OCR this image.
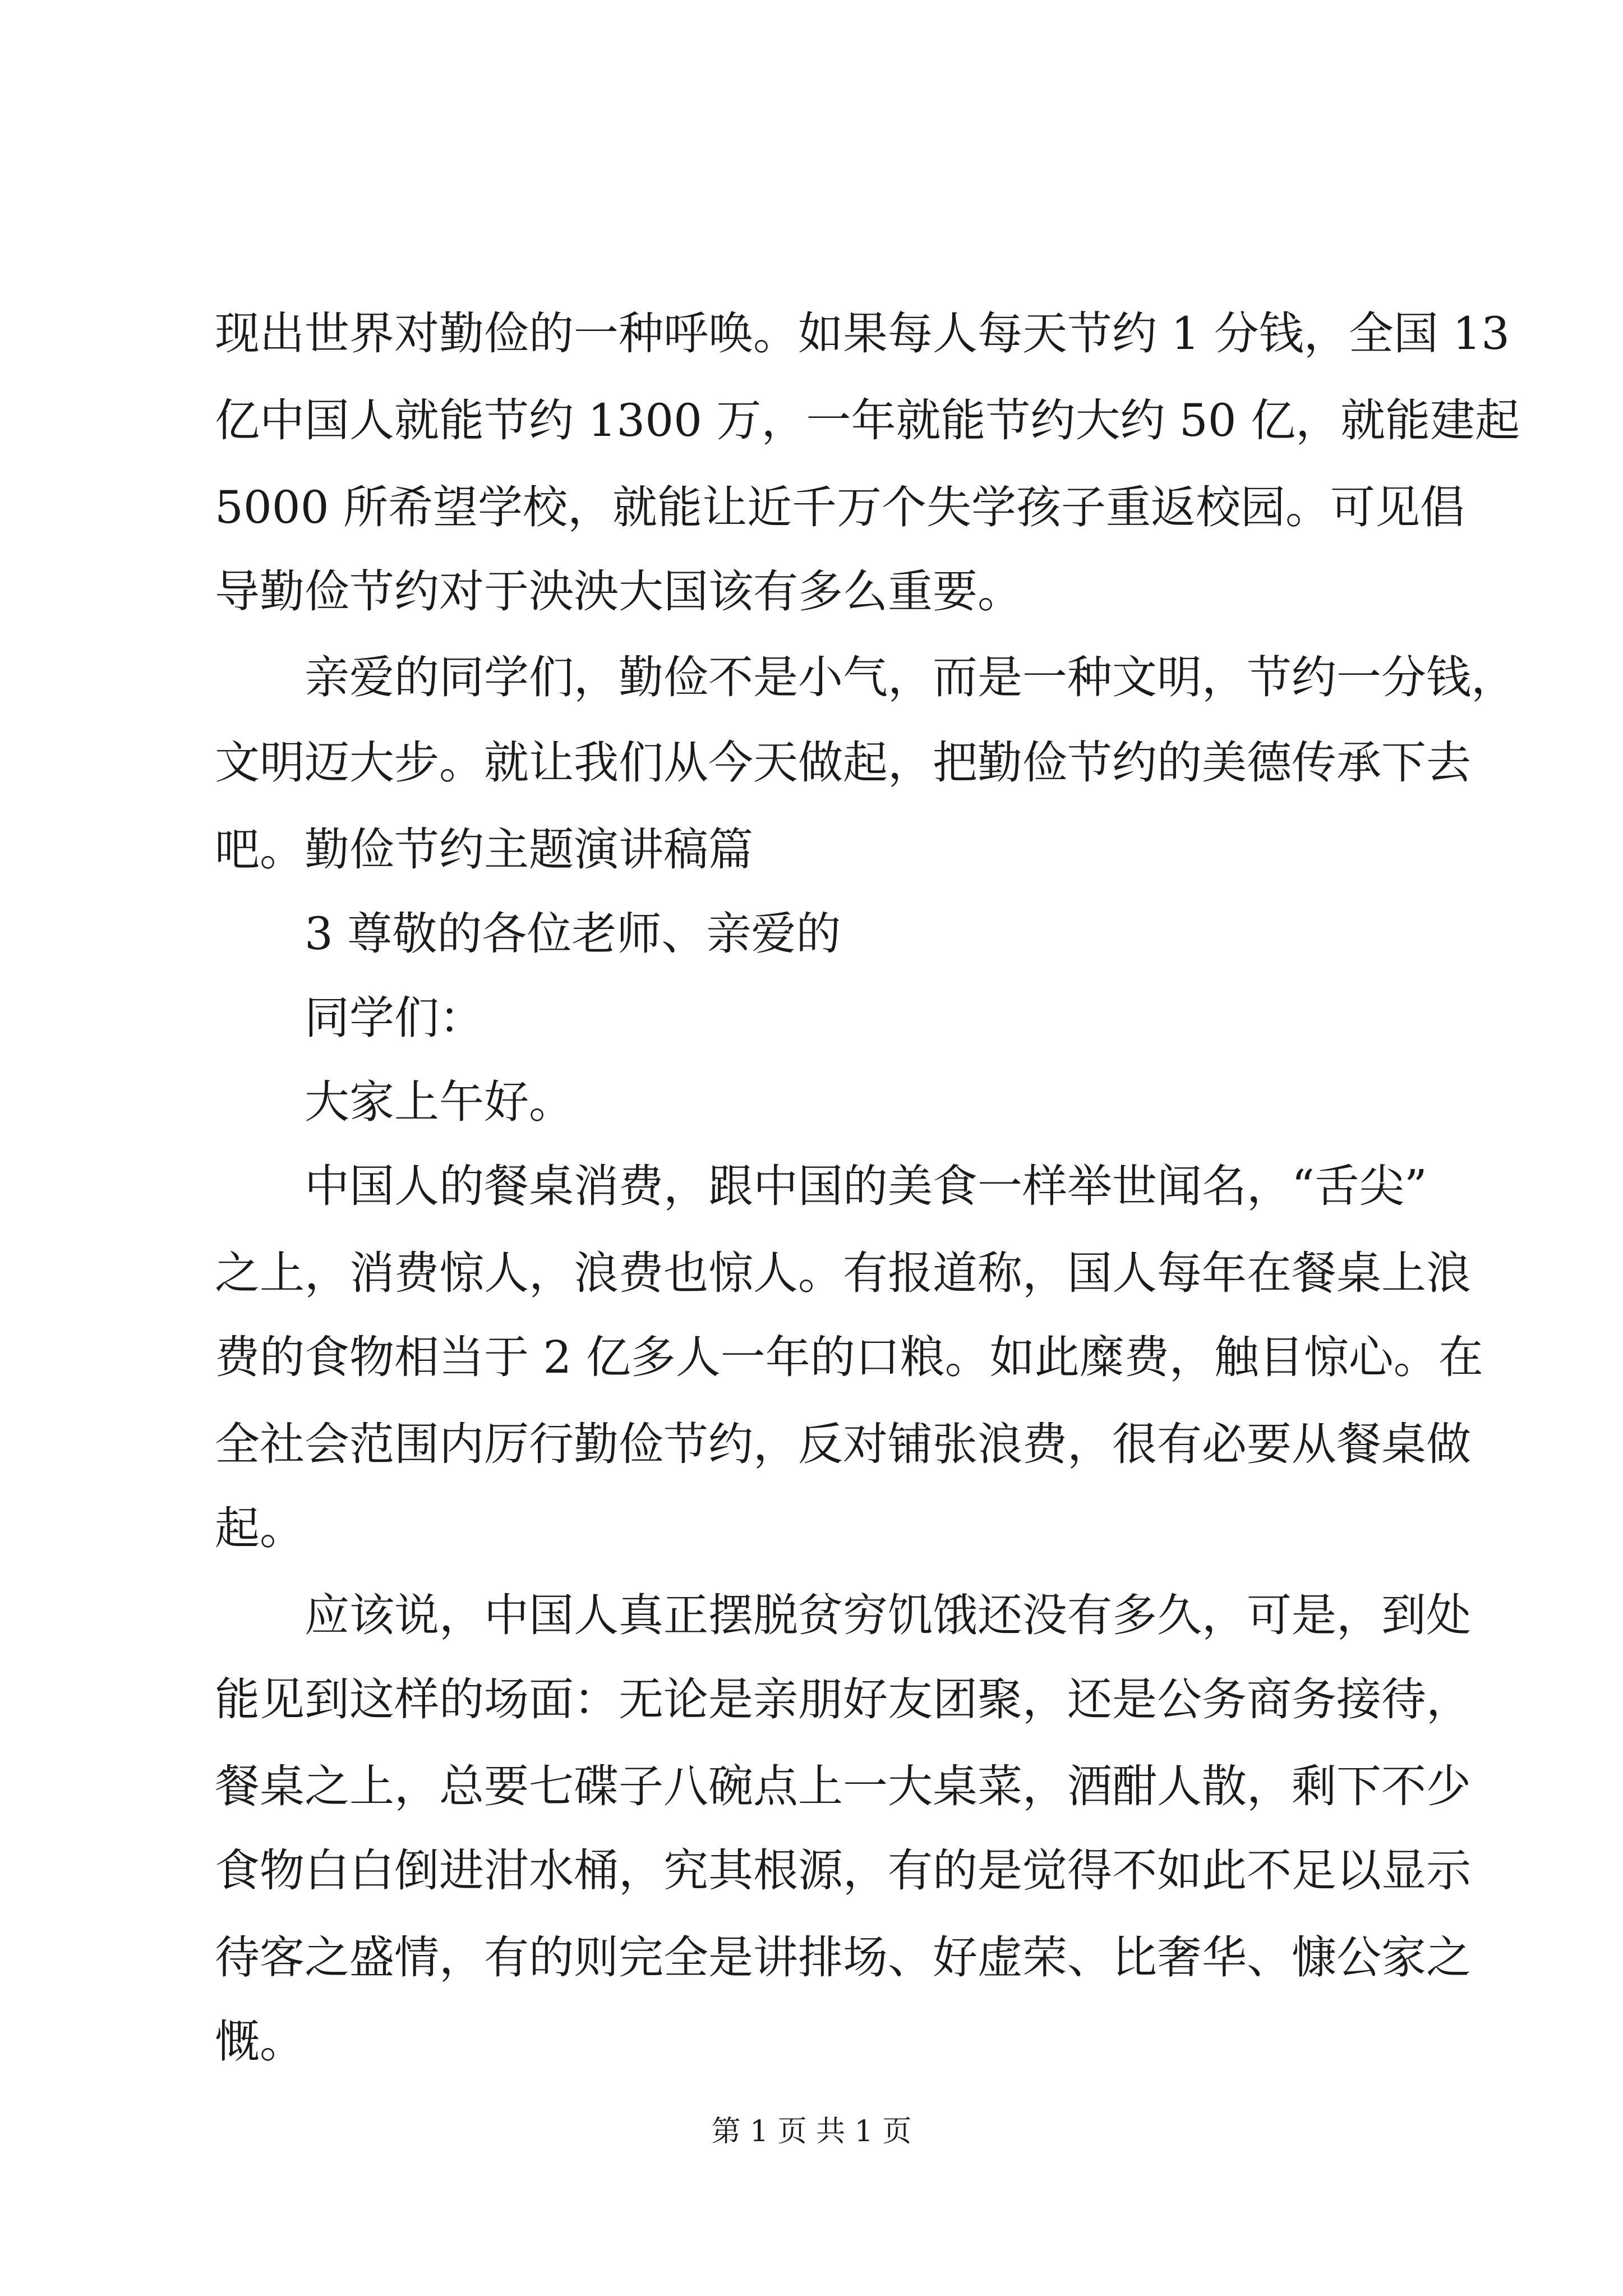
现出世界对勤俭的一种呼唤。如果每人每天节约 1 分钱，全国 13
亿中国人就能节约 1300 万，一年就能节约大约 50 亿，就能建起
5000 所希望学校，就能让近千万个失学孩子重返校园。可见倡
导勤俭节约对于泱泱大国该有多么重要。
亲爱的同学们，勤俭不是小气，而是一种文明，节约一分钱，
文明迈大步。就让我们从今天做起，把勤俭节约的美德传承下去
吧。勤俭节约主题演讲稿篇
3 尊敬的各位老师、亲爱的
同学们：
大家上午好。
中国人的餐桌消费，跟中国的美食一样举世闻名，“舌尖”
之上，消费惊人，浪费也惊人。有报道称，国人每年在餐桌上浪
费的食物相当于 2 亿多人一年的口粮。如此糜费，触目惊心。在
全社会范围内厉行勤俭节约，反对铺张浪费，很有必要从餐桌做
起。
应该说，中国人真正摆脱贫穷饥饿还没有多久，可是，到处
能见到这样的场面：无论是亲朋好友团聚，还是公务商务接待，
餐桌之上，总要七碟子八碗点上一大桌菜，酒酣人散，剩下不少
食物白白倒进泔水桶，究其根源，有的是觉得不如此不足以显示
待客之盛情，有的则完全是讲排场、好虚荣、比奢华、慷公家之
慨。
第 1 页 共 1 页
